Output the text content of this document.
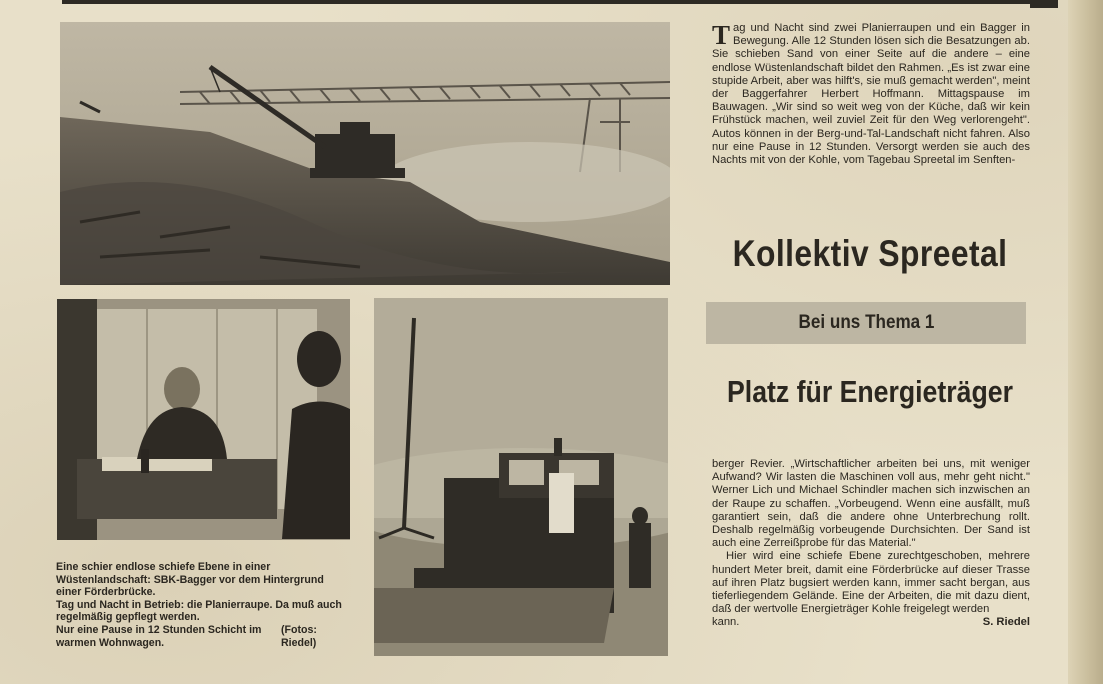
T ag und Nacht sind zwei Planierraupen und ein Bagger in Bewegung. Alle 12 Stunden lösen sich die Besatzungen ab. Sie schieben Sand von einer Seite auf die andere – eine endlose Wüstenlandschaft bildet den Rahmen. „Es ist zwar eine stupide Arbeit, aber was hilft's, sie muß gemacht werden", meint der Baggerfahrer Herbert Hoffmann. Mittagspause im Bauwagen. „Wir sind so weit weg von der Küche, daß wir kein Frühstück machen, weil zuviel Zeit für den Weg verlorengeht". Autos können in der Berg-und-Tal-Landschaft nicht fahren. Also nur eine Pause in 12 Stunden. Versorgt werden sie auch des Nachts mit von der Kohle, vom Tagebau Spreetal im Senften-
Kollektiv Spreetal
Bei uns Thema 1
Platz für Energieträger

berger Revier. „Wirtschaftlicher arbeiten bei uns, mit weniger Aufwand? Wir lasten die Maschinen voll aus, mehr geht nicht." Werner Lich und Michael Schindler machen sich inzwischen an der Raupe zu schaffen. „Vorbeugend. Wenn eine ausfällt, muß garantiert sein, daß die andere ohne Unterbrechung rollt. Deshalb regelmäßig vorbeugende Durchsichten. Der Sand ist auch eine Zerreißprobe für das Material."

Hier wird eine schiefe Ebene zurechtgeschoben, mehrere hundert Meter breit, damit eine Förderbrücke auf dieser Trasse auf ihren Platz bugsiert werden kann, immer sacht bergan, aus tieferliegendem Gelände. Eine der Arbeiten, die mit dazu dient, daß der wertvolle Energieträger Kohle freigelegt werden

kann.	S. Riedel

Eine schier endlose schiefe Ebene in einer Wüstenlandschaft: SBK-Bagger vor dem Hintergrund einer Förderbrücke.

Tag und Nacht in Betrieb: die Planierraupe. Da muß auch regelmäßig gepflegt werden.

Nur eine Pause in 12 Stunden Schicht im warmen Wohnwagen.
(Fotos: Riedel)
